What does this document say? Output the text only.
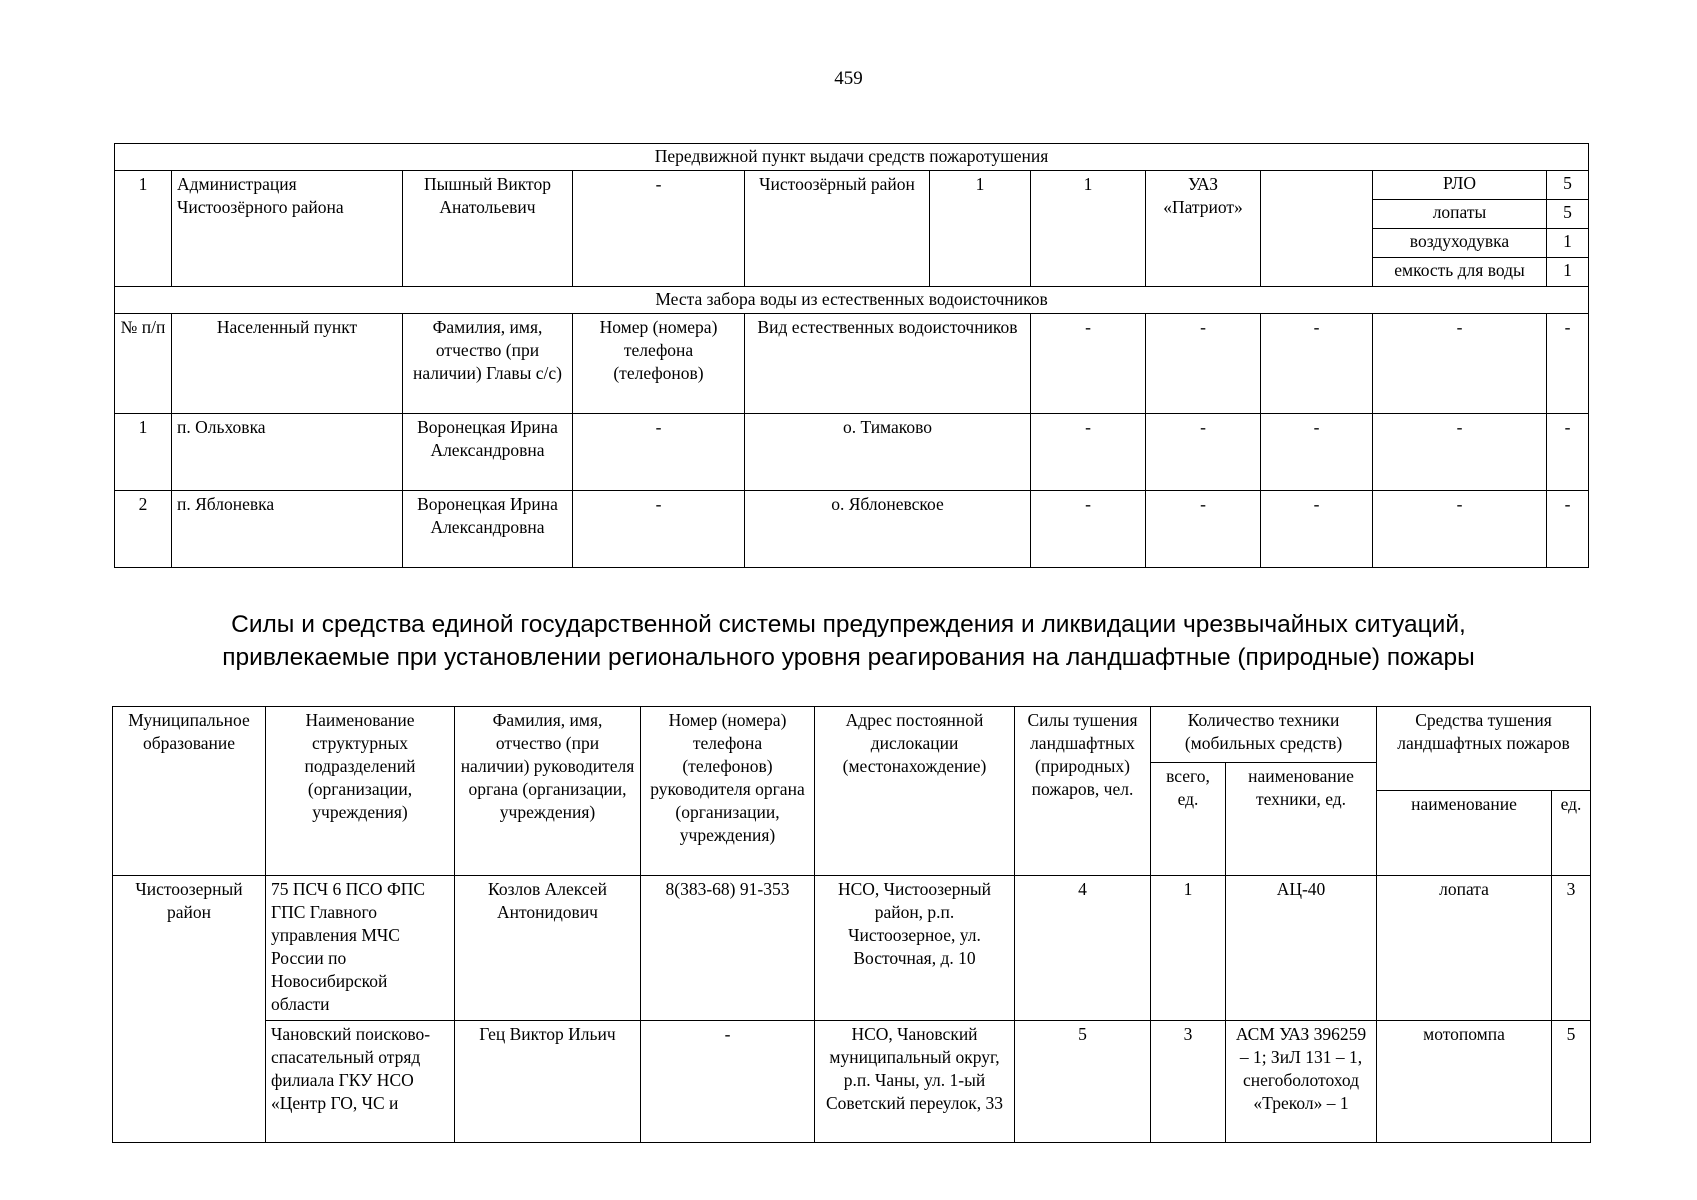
459
Передвижной пункт выдачи средств пожаротушения										
1	Администрация Чистоозёрного района	Пышный Виктор Анатольевич	-	Чистоозёрный район	1	1	УАЗ «Патриот»		РЛО	5
									лопаты	5
									воздуходувка	1
									емкость для воды	1
Места забора воды из естественных водоисточников										
№ п/п	Населенный пункт	Фамилия, имя, отчество (при наличии) Главы с/с)	Номер (номера) телефона (телефонов)	Вид естественных водоисточников		-	-	-	-	-
1	п. Ольховка	Воронецкая Ирина Александровна	-	о. Тимаково		-	-	-	-	-
2	п. Яблоневка	Воронецкая Ирина Александровна	-	о. Яблоневское		-	-	-	-	-
Силы и средства единой государственной системы предупреждения и ликвидации чрезвычайных ситуаций,
привлекаемые при установлении регионального уровня реагирования на ландшафтные (природные) пожары
Муниципальное образование	Наименование структурных подразделений (организации, учреждения)	Фамилия, имя, отчество (при наличии) руководителя органа (организации, учреждения)	Номер (номера) телефона (телефонов) руководителя органа (организации, учреждения)	Адрес постоянной дислокации (местонахождение)	Силы тушения ландшафтных (природных) пожаров, чел.	Количество техники (мобильных средств)		Средства тушения ландшафтных пожаров	
						всего, ед.	наименование техники, ед.		
								наименование	ед.
Чистоозерный район	75 ПСЧ 6 ПСО ФПС ГПС Главного управления МЧС России по Новосибирской области	Козлов Алексей Антонидович	8(383-68) 91-353	НСО, Чистоозерный район, р.п. Чистоозерное, ул. Восточная, д. 10	4	1	АЦ-40	лопата	3
	Чановский поисково-спасательный отряд филиала ГКУ НСО «Центр ГО, ЧС и	Гец Виктор Ильич	-	НСО, Чановский муниципальный округ, р.п. Чаны, ул. 1-ый Советский переулок, 33	5	3	АСМ УАЗ 396259 – 1; ЗиЛ 131 – 1, снегоболотоход «Трекол» – 1	мотопомпа	5
